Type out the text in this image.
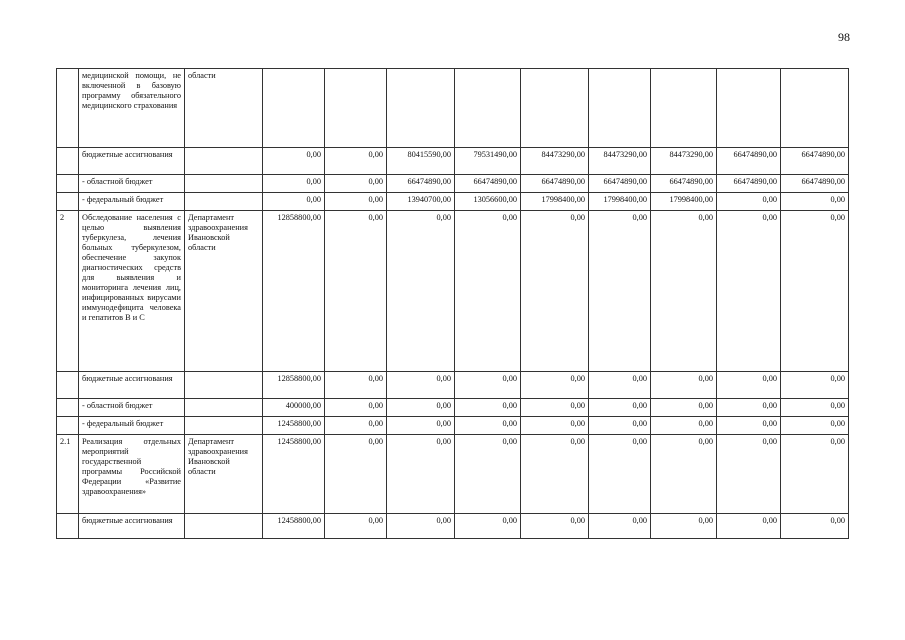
98
	медицинской помощи, не включенной в базовую программу обязательного медицинского страхования	области									
	бюджетные ассигнования		0,00	0,00	80415590,00	79531490,00	84473290,00	84473290,00	84473290,00	66474890,00	66474890,00
	- областной бюджет		0,00	0,00	66474890,00	66474890,00	66474890,00	66474890,00	66474890,00	66474890,00	66474890,00
	- федеральный бюджет		0,00	0,00	13940700,00	13056600,00	17998400,00	17998400,00	17998400,00	0,00	0,00
2	Обследование населения с целью выявления туберкулеза, лечения больных туберкулезом, обеспечение закупок диагностических средств для выявления и мониторинга лечения лиц, инфицированных вирусами иммунодефицита человека и гепатитов В и С	Департамент здравоохранения Ивановской области	12858800,00	0,00	0,00	0,00	0,00	0,00	0,00	0,00	0,00
	бюджетные ассигнования		12858800,00	0,00	0,00	0,00	0,00	0,00	0,00	0,00	0,00
	- областной бюджет		400000,00	0,00	0,00	0,00	0,00	0,00	0,00	0,00	0,00
	- федеральный бюджет		12458800,00	0,00	0,00	0,00	0,00	0,00	0,00	0,00	0,00
2.1	Реализация отдельных мероприятий государственной программы Российской Федерации «Развитие здравоохранения»	Департамент здравоохранения Ивановской области	12458800,00	0,00	0,00	0,00	0,00	0,00	0,00	0,00	0,00
	бюджетные ассигнования		12458800,00	0,00	0,00	0,00	0,00	0,00	0,00	0,00	0,00
